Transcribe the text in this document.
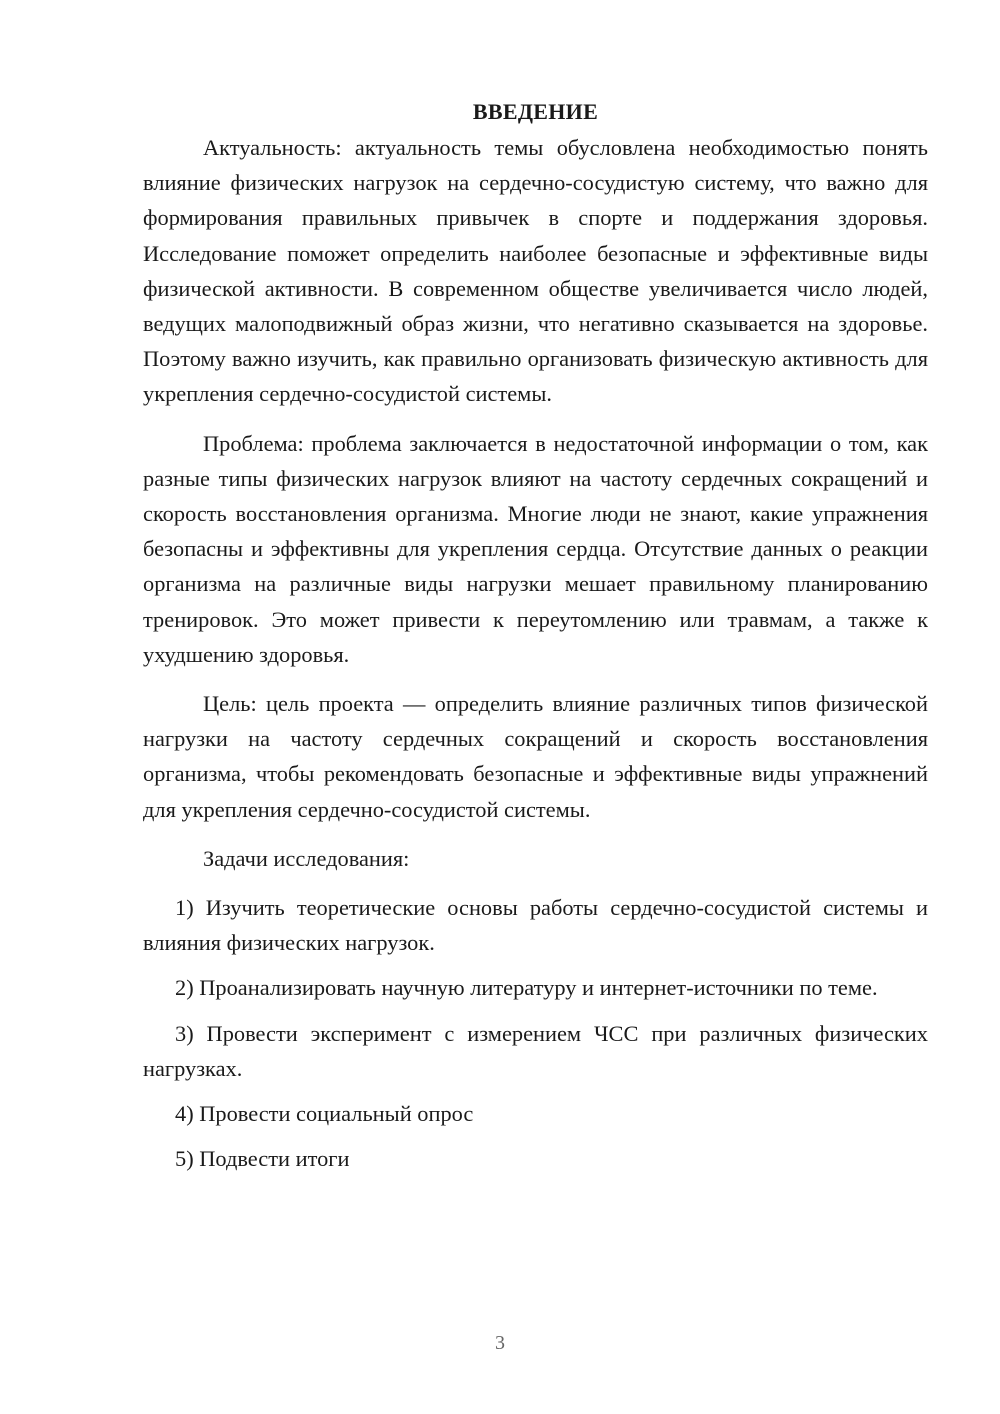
ВВЕДЕНИЕ

Актуальность: актуальность темы обусловлена необходимостью понять влияние физических нагрузок на сердечно-сосудистую систему, что важно для формирования правильных привычек в спорте и поддержания здоровья. Исследование поможет определить наиболее безопасные и эффективные виды физической активности. В современном обществе увеличивается число людей, ведущих малоподвижный образ жизни, что негативно сказывается на здоровье. Поэтому важно изучить, как правильно организовать физическую активность для укрепления сердечно-сосудистой системы.

Проблема: проблема заключается в недостаточной информации о том, как разные типы физических нагрузок влияют на частоту сердечных сокращений и скорость восстановления организма. Многие люди не знают, какие упражнения безопасны и эффективны для укрепления сердца. Отсутствие данных о реакции организма на различные виды нагрузки мешает правильному планированию тренировок. Это может привести к переутомлению или травмам, а также к ухудшению здоровья.

Цель: цель проекта — определить влияние различных типов физической нагрузки на частоту сердечных сокращений и скорость восстановления организма, чтобы рекомендовать безопасные и эффективные виды упражнений для укрепления сердечно-сосудистой системы.

Задачи исследования:

1) Изучить теоретические основы работы сердечно-сосудистой системы и влияния физических нагрузок.

2) Проанализировать научную литературу и интернет-источники по теме.

3) Провести эксперимент с измерением ЧСС при различных физических нагрузках.

4) Провести социальный опрос

5) Подвести итоги

3
